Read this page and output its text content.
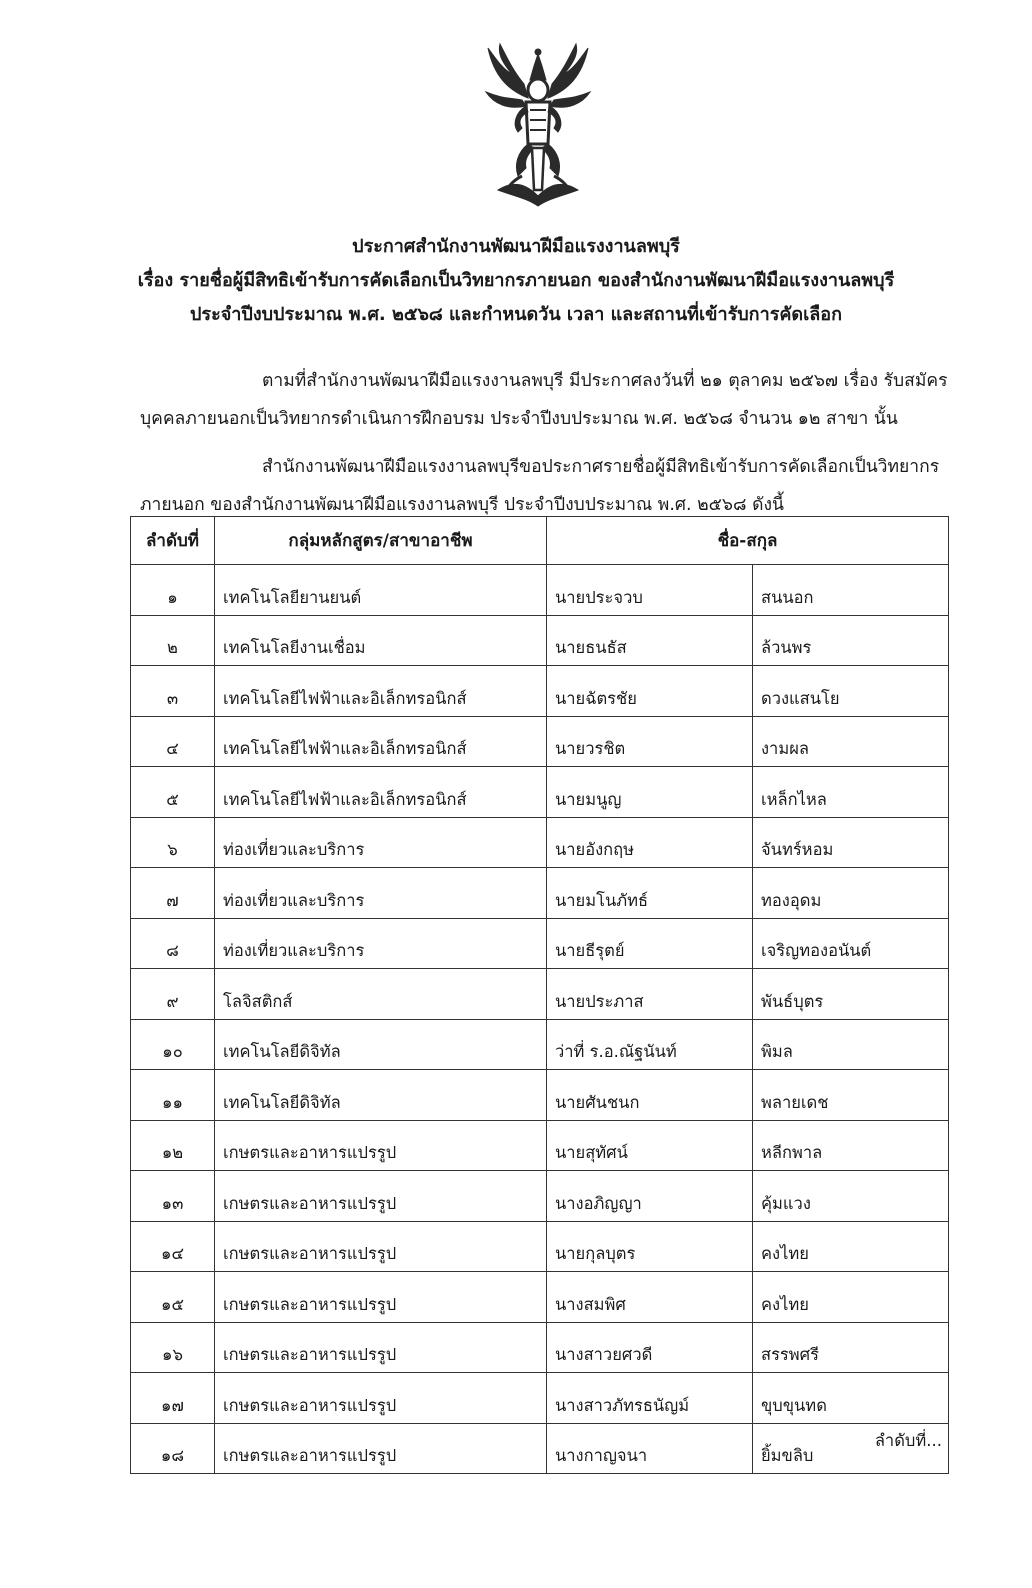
ประกาศสำนักงานพัฒนาฝีมือแรงงานลพบุรี
เรื่อง รายชื่อผู้มีสิทธิเข้ารับการคัดเลือกเป็นวิทยากรภายนอก ของสำนักงานพัฒนาฝีมือแรงงานลพบุรี
ประจำปีงบประมาณ พ.ศ. ๒๕๖๘ และกำหนดวัน เวลา และสถานที่เข้ารับการคัดเลือก
ตามที่สำนักงานพัฒนาฝีมือแรงงานลพบุรี มีประกาศลงวันที่ ๒๑ ตุลาคม ๒๕๖๗ เรื่อง รับสมัคร
บุคคลภายนอกเป็นวิทยากรดำเนินการฝึกอบรม ประจำปีงบประมาณ พ.ศ. ๒๕๖๘ จำนวน ๑๒ สาขา นั้น
สำนักงานพัฒนาฝีมือแรงงานลพบุรีขอประกาศรายชื่อผู้มีสิทธิเข้ารับการคัดเลือกเป็นวิทยากร
ภายนอก ของสำนักงานพัฒนาฝีมือแรงงานลพบุรี ประจำปีงบประมาณ พ.ศ. ๒๕๖๘ ดังนี้
ลำดับที่	กลุ่มหลักสูตร/สาขาอาชีพ	ชื่อ-สกุล	
๑	เทคโนโลยียานยนต์	นายประจวบ	สนนอก
๒	เทคโนโลยีงานเชื่อม	นายธนธัส	ล้วนพร
๓	เทคโนโลยีไฟฟ้าและอิเล็กทรอนิกส์	นายฉัตรชัย	ดวงแสนโย
๔	เทคโนโลยีไฟฟ้าและอิเล็กทรอนิกส์	นายวรชิต	งามผล
๕	เทคโนโลยีไฟฟ้าและอิเล็กทรอนิกส์	นายมนูญ	เหล็กไหล
๖	ท่องเที่ยวและบริการ	นายอังกฤษ	จันทร์หอม
๗	ท่องเที่ยวและบริการ	นายมโนภัทธ์	ทองอุดม
๘	ท่องเที่ยวและบริการ	นายธีรุตย์	เจริญทองอนันต์
๙	โลจิสติกส์	นายประภาส	พันธ์บุตร
๑๐	เทคโนโลยีดิจิทัล	ว่าที่ ร.อ.ณัฐนันท์	พิมล
๑๑	เทคโนโลยีดิจิทัล	นายศันชนก	พลายเดช
๑๒	เกษตรและอาหารแปรรูป	นายสุทัศน์	หลีกพาล
๑๓	เกษตรและอาหารแปรรูป	นางอภิญญา	คุ้มแวง
๑๔	เกษตรและอาหารแปรรูป	นายกุลบุตร	คงไทย
๑๕	เกษตรและอาหารแปรรูป	นางสมพิศ	คงไทย
๑๖	เกษตรและอาหารแปรรูป	นางสาวยศวดี	สรรพศรี
๑๗	เกษตรและอาหารแปรรูป	นางสาวภัทรธนัญม์	ขุบขุนทด
๑๘	เกษตรและอาหารแปรรูป	นางกาญจนา	ยิ้มขลิบ
ลำดับที่...
